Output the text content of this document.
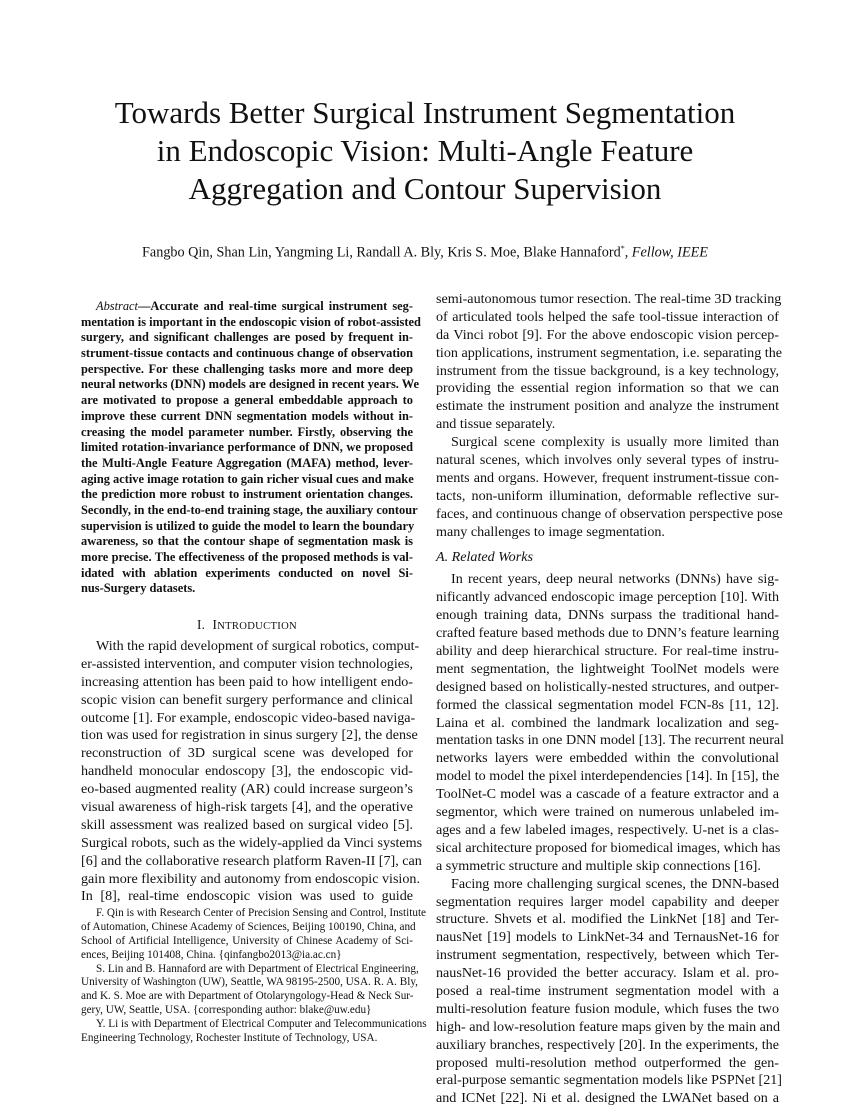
Towards Better Surgical Instrument Segmentation
in Endoscopic Vision: Multi-Angle Feature
Aggregation and Contour Supervision
Fangbo Qin, Shan Lin, Yangming Li, Randall A. Bly, Kris S. Moe, Blake Hannaford*, Fellow, IEEE
Abstract—Accurate and real-time surgical instrument seg-
mentation is important in the endoscopic vision of robot-assisted
surgery, and significant challenges are posed by frequent in-
strument-tissue contacts and continuous change of observation
perspective. For these challenging tasks more and more deep
neural networks (DNN) models are designed in recent years. We
are motivated to propose a general embeddable approach to
improve these current DNN segmentation models without in-
creasing the model parameter number. Firstly, observing the
limited rotation-invariance performance of DNN, we proposed
the Multi-Angle Feature Aggregation (MAFA) method, lever-
aging active image rotation to gain richer visual cues and make
the prediction more robust to instrument orientation changes.
Secondly, in the end-to-end training stage, the auxiliary contour
supervision is utilized to guide the model to learn the boundary
awareness, so that the contour shape of segmentation mask is
more precise. The effectiveness of the proposed methods is val-
idated with ablation experiments conducted on novel Si-
nus-Surgery datasets.
I. INTRODUCTION
With the rapid development of surgical robotics, comput-
er-assisted intervention, and computer vision technologies,
increasing attention has been paid to how intelligent endo-
scopic vision can benefit surgery performance and clinical
outcome [1]. For example, endoscopic video-based naviga-
tion was used for registration in sinus surgery [2], the dense
reconstruction of 3D surgical scene was developed for
handheld monocular endoscopy [3], the endoscopic vid-
eo-based augmented reality (AR) could increase surgeon’s
visual awareness of high-risk targets [4], and the operative
skill assessment was realized based on surgical video [5].
Surgical robots, such as the widely-applied da Vinci systems
[6] and the collaborative research platform Raven-II [7], can
gain more flexibility and autonomy from endoscopic vision.
In [8], real-time endoscopic vision was used to guide
F. Qin is with Research Center of Precision Sensing and Control, Institute
of Automation, Chinese Academy of Sciences, Beijing 100190, China, and
School of Artificial Intelligence, University of Chinese Academy of Sci-
ences, Beijing 101408, China. {qinfangbo2013@ia.ac.cn}
S. Lin and B. Hannaford are with Department of Electrical Engineering,
University of Washington (UW), Seattle, WA 98195-2500, USA. R. A. Bly,
and K. S. Moe are with Department of Otolaryngology-Head & Neck Sur-
gery, UW, Seattle, USA. {corresponding author: blake@uw.edu}
Y. Li is with Department of Electrical Computer and Telecommunications
Engineering Technology, Rochester Institute of Technology, USA.
semi-autonomous tumor resection. The real-time 3D tracking
of articulated tools helped the safe tool-tissue interaction of
da Vinci robot [9]. For the above endoscopic vision percep-
tion applications, instrument segmentation, i.e. separating the
instrument from the tissue background, is a key technology,
providing the essential region information so that we can
estimate the instrument position and analyze the instrument
and tissue separately.
Surgical scene complexity is usually more limited than
natural scenes, which involves only several types of instru-
ments and organs. However, frequent instrument-tissue con-
tacts, non-uniform illumination, deformable reflective sur-
faces, and continuous change of observation perspective pose
many challenges to image segmentation.
A. Related Works
In recent years, deep neural networks (DNNs) have sig-
nificantly advanced endoscopic image perception [10]. With
enough training data, DNNs surpass the traditional hand-
crafted feature based methods due to DNN’s feature learning
ability and deep hierarchical structure. For real-time instru-
ment segmentation, the lightweight ToolNet models were
designed based on holistically-nested structures, and outper-
formed the classical segmentation model FCN-8s [11, 12].
Laina et al. combined the landmark localization and seg-
mentation tasks in one DNN model [13]. The recurrent neural
networks layers were embedded within the convolutional
model to model the pixel interdependencies [14]. In [15], the
ToolNet-C model was a cascade of a feature extractor and a
segmentor, which were trained on numerous unlabeled im-
ages and a few labeled images, respectively. U-net is a clas-
sical architecture proposed for biomedical images, which has
a symmetric structure and multiple skip connections [16].
Facing more challenging surgical scenes, the DNN-based
segmentation requires larger model capability and deeper
structure. Shvets et al. modified the LinkNet [18] and Ter-
nausNet [19] models to LinkNet-34 and TernausNet-16 for
instrument segmentation, respectively, between which Ter-
nausNet-16 provided the better accuracy. Islam et al. pro-
posed a real-time instrument segmentation model with a
multi-resolution feature fusion module, which fuses the two
high- and low-resolution feature maps given by the main and
auxiliary branches, respectively [20]. In the experiments, the
proposed multi-resolution method outperformed the gen-
eral-purpose semantic segmentation models like PSPNet [21]
and ICNet [22]. Ni et al. designed the LWANet based on a
